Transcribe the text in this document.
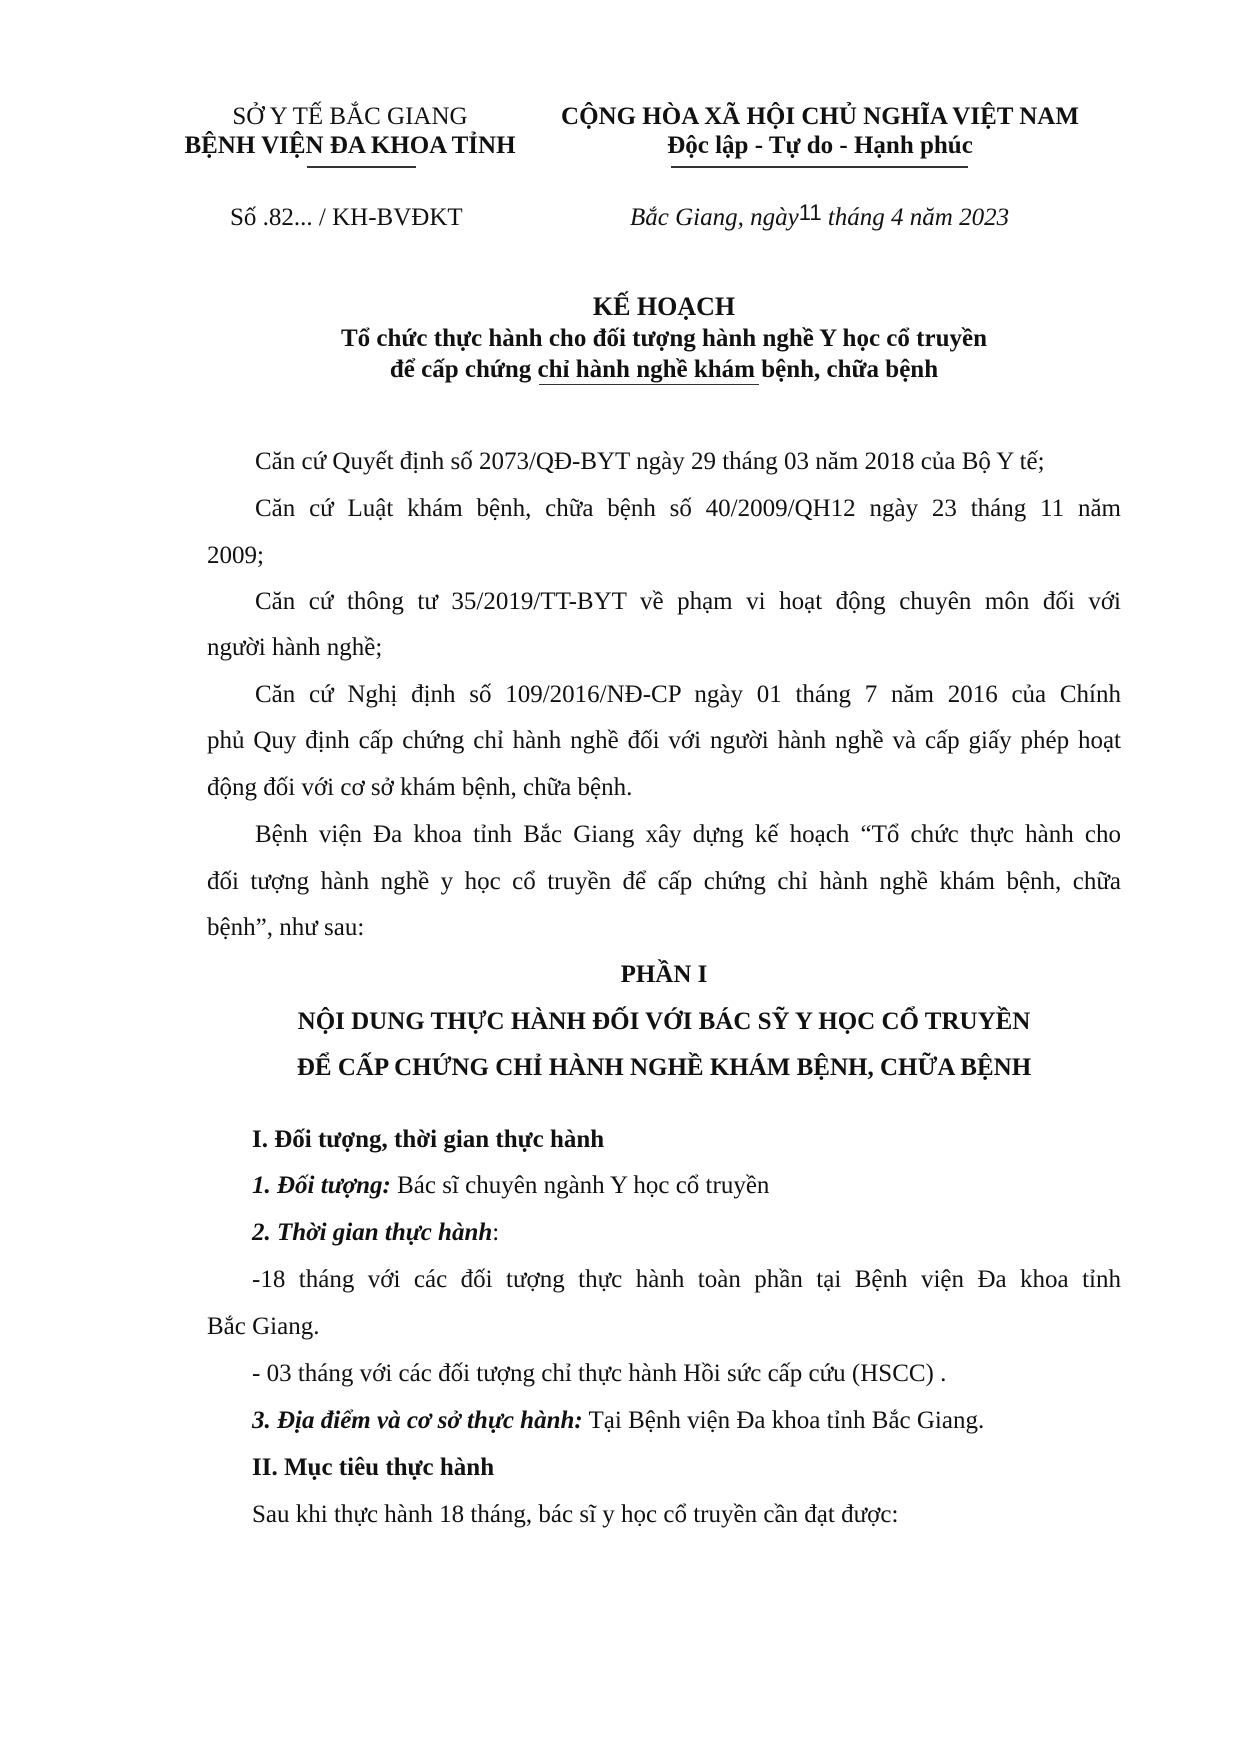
SỞ Y TẾ BẮC GIANG
BỆNH VIỆN ĐA KHOA TỈNH
CỘNG HÒA XÃ HỘI CHỦ NGHĨA VIỆT NAM
Độc lập - Tự do - Hạnh phúc
Số .82... / KH-BVĐKT	Bắc Giang, ngày11 tháng 4 năm 2023
KẾ HOẠCH
Tổ chức thực hành cho đối tượng hành nghề Y học cổ truyền
để cấp chứng chỉ hành nghề khám bệnh, chữa bệnh
Căn cứ Quyết định số 2073/QĐ-BYT ngày 29 tháng 03 năm 2018 của Bộ Y tế;
Căn cứ Luật khám bệnh, chữa bệnh số 40/2009/QH12 ngày 23 tháng 11 năm
2009;
Căn cứ thông tư 35/2019/TT-BYT về phạm vi hoạt động chuyên môn đối với
người hành nghề;
Căn cứ Nghị định số 109/2016/NĐ-CP ngày 01 tháng 7 năm 2016 của Chính
phủ Quy định cấp chứng chỉ hành nghề đối với người hành nghề và cấp giấy phép hoạt
động đối với cơ sở khám bệnh, chữa bệnh.
Bệnh viện Đa khoa tỉnh Bắc Giang xây dựng kế hoạch “Tổ chức thực hành cho
đối tượng hành nghề y học cổ truyền để cấp chứng chỉ hành nghề khám bệnh, chữa
bệnh”, như sau:
PHẦN I
NỘI DUNG THỰC HÀNH ĐỐI VỚI BÁC SỸ Y HỌC CỔ TRUYỀN
ĐỂ CẤP CHỨNG CHỈ HÀNH NGHỀ KHÁM BỆNH, CHỮA BỆNH
I. Đối tượng, thời gian thực hành
1. Đối tượng: Bác sĩ chuyên ngành Y học cổ truyền
2. Thời gian thực hành:
-18 tháng với các đối tượng thực hành toàn phần tại Bệnh viện Đa khoa tỉnh
Bắc Giang.
- 03 tháng với các đối tượng chỉ thực hành Hồi sức cấp cứu (HSCC) .
3. Địa điểm và cơ sở thực hành: Tại Bệnh viện Đa khoa tỉnh Bắc Giang.
II. Mục tiêu thực hành
Sau khi thực hành 18 tháng, bác sĩ y học cổ truyền cần đạt được:
